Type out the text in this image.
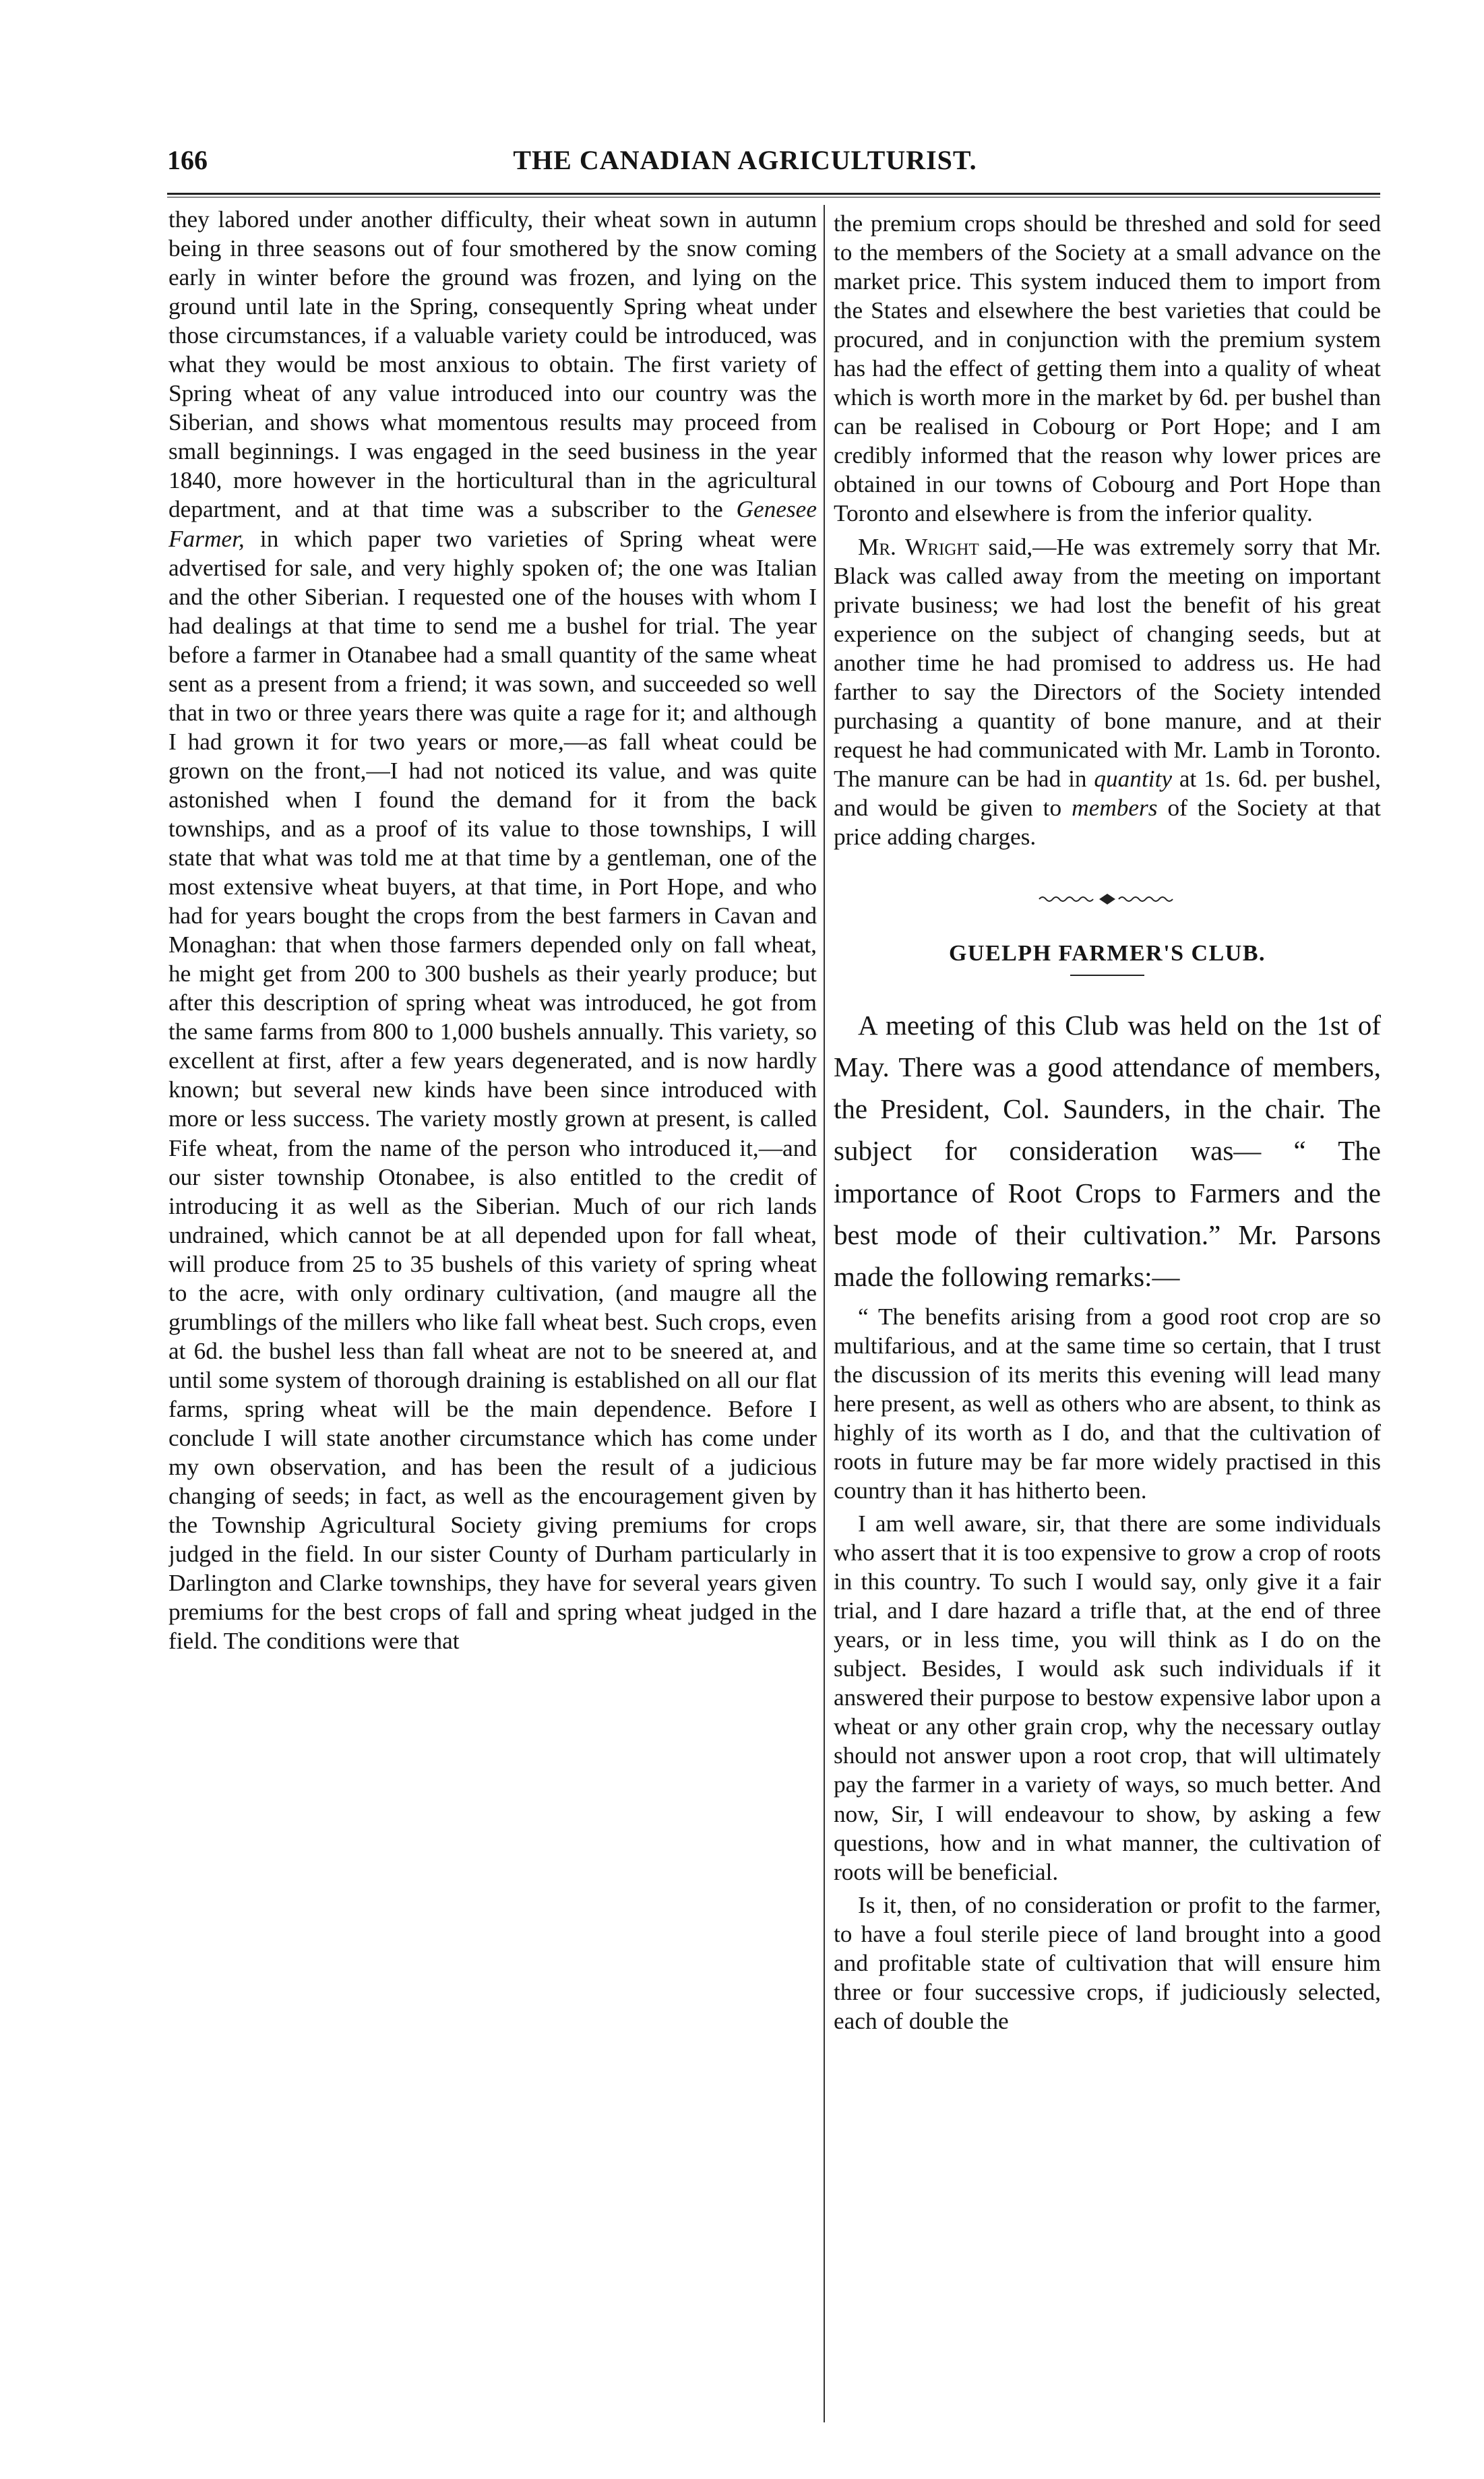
166	THE CANADIAN AGRICULTURIST.

they labored under another difficulty, their wheat sown in autumn being in three seasons out of four smothered by the snow coming early in winter before the ground was frozen, and lying on the ground until late in the Spring, consequently Spring wheat under those circumstances, if a valuable variety could be introduced, was what they would be most anxious to obtain. The first variety of Spring wheat of any value introduced into our country was the Siberian, and shows what momentous results may proceed from small beginnings. I was engaged in the seed business in the year 1840, more however in the horticultural than in the agricultural department, and at that time was a subscriber to the Genesee Farmer, in which paper two varieties of Spring wheat were advertised for sale, and very highly spoken of; the one was Italian and the other Siberian. I requested one of the houses with whom I had dealings at that time to send me a bushel for trial. The year before a farmer in Otanabee had a small quantity of the same wheat sent as a present from a friend; it was sown, and succeeded so well that in two or three years there was quite a rage for it; and although I had grown it for two years or more,—as fall wheat could be grown on the front,—I had not noticed its value, and was quite astonished when I found the demand for it from the back townships, and as a proof of its value to those townships, I will state that what was told me at that time by a gentleman, one of the most extensive wheat buyers, at that time, in Port Hope, and who had for years bought the crops from the best farmers in Cavan and Monaghan: that when those farmers depended only on fall wheat, he might get from 200 to 300 bushels as their yearly produce; but after this description of spring wheat was introduced, he got from the same farms from 800 to 1,000 bushels annually. This variety, so excellent at first, after a few years degenerated, and is now hardly known; but several new kinds have been since introduced with more or less success. The variety mostly grown at present, is called Fife wheat, from the name of the person who introduced it,—and our sister township Otonabee, is also entitled to the credit of introducing it as well as the Siberian. Much of our rich lands undrained, which cannot be at all depended upon for fall wheat, will produce from 25 to 35 bushels of this variety of spring wheat to the acre, with only ordinary cultivation, (and maugre all the grumblings of the millers who like fall wheat best. Such crops, even at 6d. the bushel less than fall wheat are not to be sneered at, and until some system of thorough draining is established on all our flat farms, spring wheat will be the main dependence. Before I conclude I will state another circumstance which has come under my own observation, and has been the result of a judicious changing of seeds; in fact, as well as the encouragement given by the Township Agricultural Society giving premiums for crops judged in the field. In our sister County of Durham particularly in Darlington and Clarke townships, they have for several years given premiums for the best crops of fall and spring wheat judged in the field. The conditions were that

the premium crops should be threshed and sold for seed to the members of the Society at a small advance on the market price. This system induced them to import from the States and elsewhere the best varieties that could be procured, and in conjunction with the premium system has had the effect of getting them into a quality of wheat which is worth more in the market by 6d. per bushel than can be realised in Cobourg or Port Hope; and I am credibly informed that the reason why lower prices are obtained in our towns of Cobourg and Port Hope than Toronto and elsewhere is from the inferior quality.

Mr. Wright said,—He was extremely sorry that Mr. Black was called away from the meeting on important private business; we had lost the benefit of his great experience on the subject of changing seeds, but at another time he had promised to address us. He had farther to say the Directors of the Society intended purchasing a quantity of bone manure, and at their request he had communicated with Mr. Lamb in Toronto. The manure can be had in quantity at 1s. 6d. per bushel, and would be given to members of the Society at that price adding charges.

GUELPH FARMER'S CLUB.

A meeting of this Club was held on the 1st of May. There was a good attendance of members, the President, Col. Saunders, in the chair. The subject for consideration was— “ The importance of Root Crops to Farmers and the best mode of their cultivation.” Mr. Parsons made the following remarks:—

“ The benefits arising from a good root crop are so multifarious, and at the same time so certain, that I trust the discussion of its merits this evening will lead many here present, as well as others who are absent, to think as highly of its worth as I do, and that the cultivation of roots in future may be far more widely practised in this country than it has hitherto been.

I am well aware, sir, that there are some individuals who assert that it is too expensive to grow a crop of roots in this country. To such I would say, only give it a fair trial, and I dare hazard a trifle that, at the end of three years, or in less time, you will think as I do on the subject. Besides, I would ask such individuals if it answered their purpose to bestow expensive labor upon a wheat or any other grain crop, why the necessary outlay should not answer upon a root crop, that will ultimately pay the farmer in a variety of ways, so much better. And now, Sir, I will endeavour to show, by asking a few questions, how and in what manner, the cultivation of roots will be beneficial.

Is it, then, of no consideration or profit to the farmer, to have a foul sterile piece of land brought into a good and profitable state of cultivation that will ensure him three or four successive crops, if judiciously selected, each of double the
